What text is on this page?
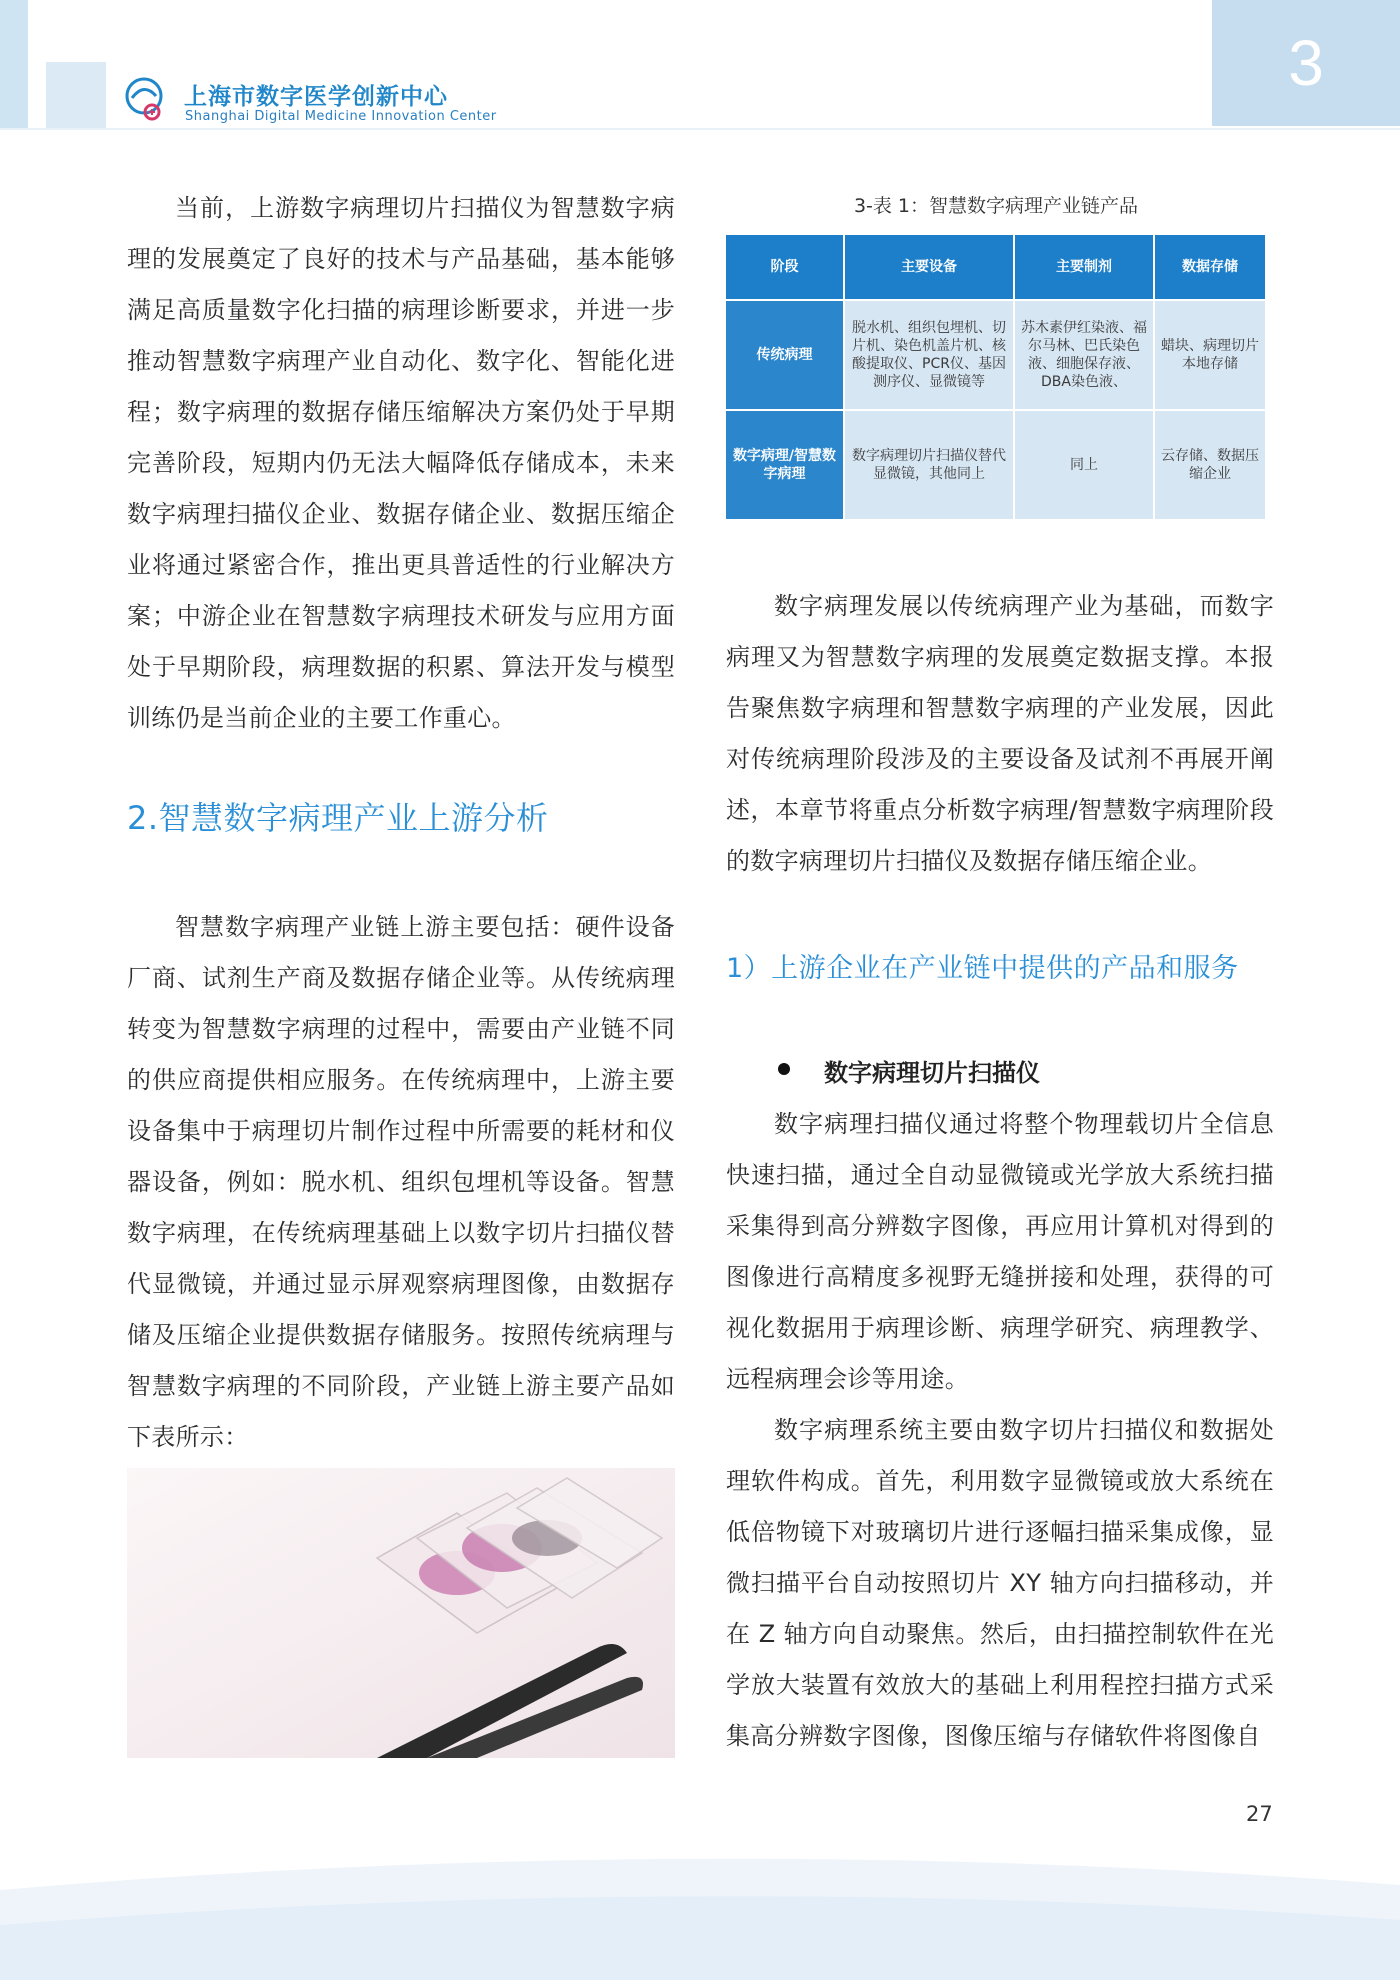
上海市数字医学创新中心
Shanghai Digital Medicine Innovation Center
3

当前，上游数字病理切片扫描仪为智慧数字病理的发展奠定了良好的技术与产品基础，基本能够满足高质量数字化扫描的病理诊断要求，并进一步推动智慧数字病理产业自动化、数字化、智能化进程；数字病理的数据存储压缩解决方案仍处于早期完善阶段，短期内仍无法大幅降低存储成本，未来数字病理扫描仪企业、数据存储企业、数据压缩企业将通过紧密合作，推出更具普适性的行业解决方案；中游企业在智慧数字病理技术研发与应用方面处于早期阶段，病理数据的积累、算法开发与模型训练仍是当前企业的主要工作重心。

2.智慧数字病理产业上游分析

智慧数字病理产业链上游主要包括：硬件设备厂商、试剂生产商及数据存储企业等。从传统病理转变为智慧数字病理的过程中，需要由产业链不同的供应商提供相应服务。在传统病理中，上游主要设备集中于病理切片制作过程中所需要的耗材和仪器设备，例如：脱水机、组织包埋机等设备。智慧数字病理，在传统病理基础上以数字切片扫描仪替代显微镜，并通过显示屏观察病理图像，由数据存储及压缩企业提供数据存储服务。按照传统病理与智慧数字病理的不同阶段，产业链上游主要产品如下表所示：

3-表 1：智慧数字病理产业链产品
阶段	主要设备	主要制剂	数据存储
传统病理	脱水机、组织包埋机、切片机、染色机盖片机、核酸提取仪、PCR仪、基因测序仪、显微镜等	苏木素伊红染液、福尔马林、巴氏染色液、细胞保存液、DBA染色液、	蜡块、病理切片本地存储
数字病理/智慧数字病理	数字病理切片扫描仪替代显微镜，其他同上	同上	云存储、数据压缩企业

数字病理发展以传统病理产业为基础，而数字病理又为智慧数字病理的发展奠定数据支撑。本报告聚焦数字病理和智慧数字病理的产业发展，因此对传统病理阶段涉及的主要设备及试剂不再展开阐述，本章节将重点分析数字病理/智慧数字病理阶段的数字病理切片扫描仪及数据存储压缩企业。

1）上游企业在产业链中提供的产品和服务
数字病理切片扫描仪

数字病理扫描仪通过将整个物理载切片全信息快速扫描，通过全自动显微镜或光学放大系统扫描采集得到高分辨数字图像，再应用计算机对得到的图像进行高精度多视野无缝拼接和处理，获得的可视化数据用于病理诊断、病理学研究、病理教学、远程病理会诊等用途。

数字病理系统主要由数字切片扫描仪和数据处理软件构成。首先，利用数字显微镜或放大系统在低倍物镜下对玻璃切片进行逐幅扫描采集成像，显微扫描平台自动按照切片 XY 轴方向扫描移动，并在 Z 轴方向自动聚焦。然后，由扫描控制软件在光学放大装置有效放大的基础上利用程控扫描方式采集高分辨数字图像，图像压缩与存储软件将图像自

27
